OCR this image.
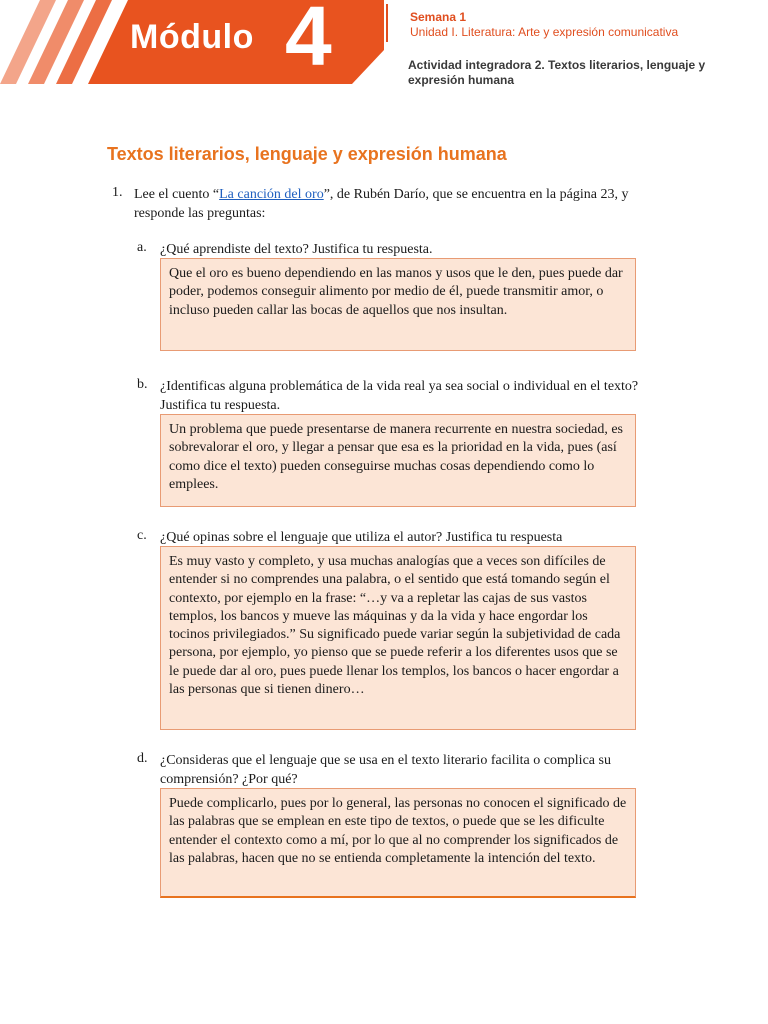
Módulo 4	Semana 1
Unidad I. Literatura: Arte y expresión comunicativa
Actividad integradora 2. Textos literarios, lenguaje y expresión humana
Textos literarios, lenguaje y expresión humana
1. Lee el cuento “La canción del oro”, de Rubén Darío, que se encuentra en la página 23, y responde las preguntas:
a. ¿Qué aprendiste del texto? Justifica tu respuesta.
Que el oro es bueno dependiendo en las manos y usos que le den, pues puede dar poder, podemos conseguir alimento por medio de él, puede transmitir amor, o incluso pueden callar las bocas de aquellos que nos insultan.
b. ¿Identificas alguna problemática de la vida real ya sea social o individual en el texto? Justifica tu respuesta.
Un problema que puede presentarse de manera recurrente en nuestra sociedad, es sobrevalorar el oro, y llegar a pensar que esa es la prioridad en la vida, pues (así como dice el texto) pueden conseguirse muchas cosas dependiendo como lo emplees.
c. ¿Qué opinas sobre el lenguaje que utiliza el autor? Justifica tu respuesta
Es muy vasto y completo, y usa muchas analogías que a veces son difíciles de entender si no comprendes una palabra, o el sentido que está tomando según el contexto, por ejemplo en la frase: “…y va a repletar las cajas de sus vastos templos, los bancos y mueve las máquinas y da la vida y hace engordar los tocinos privilegiados.” Su significado puede variar según la subjetividad de cada persona, por ejemplo, yo pienso que se puede referir a los diferentes usos que se le puede dar al oro, pues puede llenar los templos, los bancos o hacer engordar a las personas que si tienen dinero…
d. ¿Consideras que el lenguaje que se usa en el texto literario facilita o complica su comprensión? ¿Por qué?
Puede complicarlo, pues por lo general, las personas no conocen el significado de las palabras que se emplean en este tipo de textos, o puede que se les dificulte entender el contexto como a mí, por lo que al no comprender los significados de las palabras, hacen que no se entienda completamente la intención del texto.
